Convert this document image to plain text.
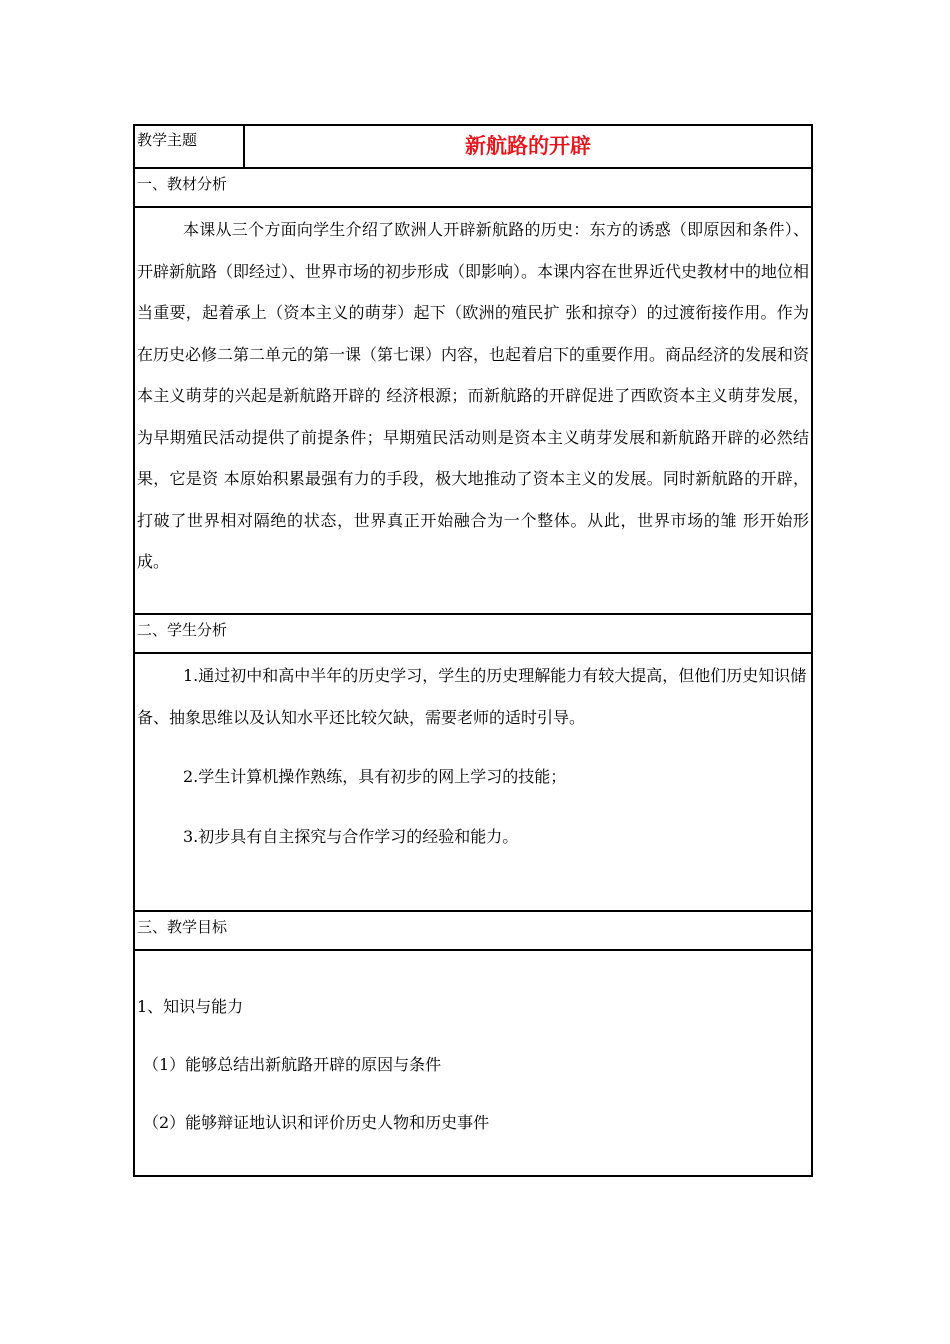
教学主题	新航路的开辟
一、教材分析

本课从三个方面向学生介绍了欧洲人开辟新航路的历史：东方的诱惑（即原因和条件）、开辟新航路（即经过）、世界市场的初步形成（即影响）。本课内容在世界近代史教材中的地位相当重要，起着承上（资本主义的萌芽）起下（欧洲的殖民扩 张和掠夺）的过渡衔接作用。作为在历史必修二第二单元的第一课（第七课）内容，也起着启下的重要作用。商品经济的发展和资本主义萌芽的兴起是新航路开辟的 经济根源；而新航路的开辟促进了西欧资本主义萌芽发展，为早期殖民活动提供了前提条件；早期殖民活动则是资本主义萌芽发展和新航路开辟的必然结果，它是资 本原始积累最强有力的手段，极大地推动了资本主义的发展。同时新航路的开辟，打破了世界相对隔绝的状态，世界真正开始融合为一个整体。从此，世界市场的雏 形开始形成。

二、学生分析

1.通过初中和高中半年的历史学习，学生的历史理解能力有较大提高，但他们历史知识储备、抽象思维以及认知水平还比较欠缺，需要老师的适时引导。

2.学生计算机操作熟练，具有初步的网上学习的技能；

3.初步具有自主探究与合作学习的经验和能力。

三、教学目标

1、知识与能力

（1）能够总结出新航路开辟的原因与条件

（2）能够辩证地认识和评价历史人物和历史事件
